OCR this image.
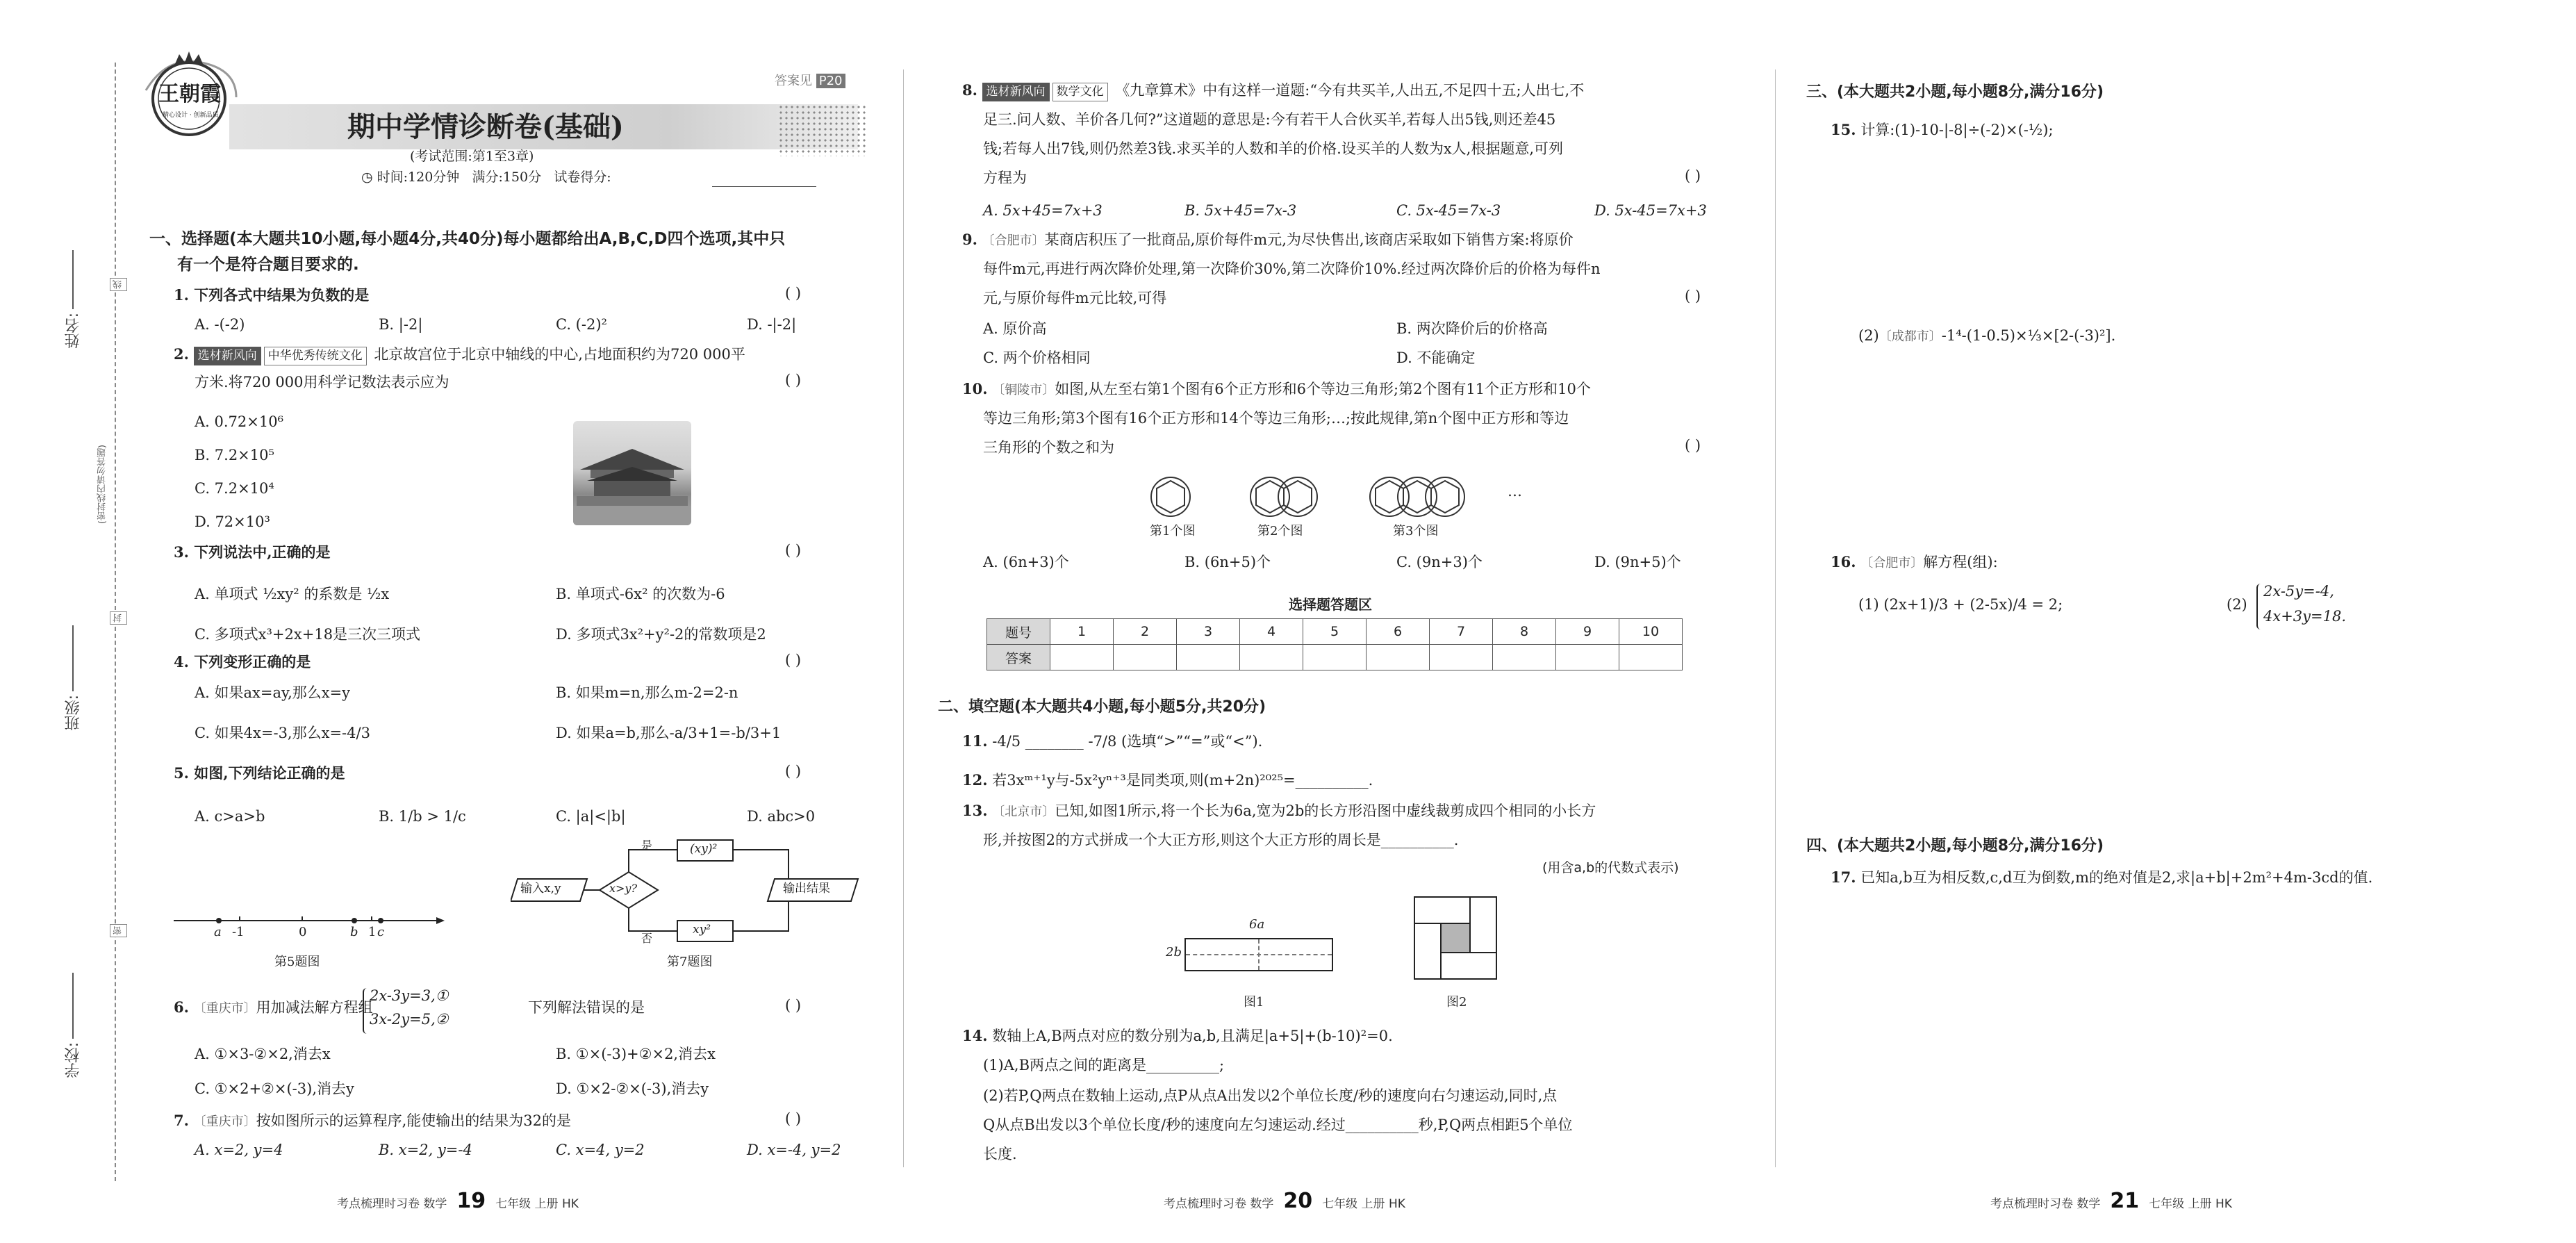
姓名:
班级:
学校:
(密封线内请勿答题)
线
封
密
王朝霞
精心设计 · 创新品质
答案见 P20
期中学情诊断卷(基础)
(考试范围:第1至3章)
◷ 时间:120分钟 满分:150分 试卷得分:
一、选择题(本大题共10小题,每小题4分,共40分)每小题都给出A,B,C,D四个选项,其中只
有一个是符合题目要求的.
1. 下列各式中结果为负数的是	( )
A. -(-2)	B. |-2|	C. (-2)²	D. -|-2|
2. 选材新风向 中华优秀传统文化 北京故宫位于北京中轴线的中心,占地面积约为720 000平
方米.将720 000用科学记数法表示应为	( )
A. 0.72×10⁶
B. 7.2×10⁵
C. 7.2×10⁴
D. 72×10³
3. 下列说法中,正确的是	( )
A. 单项式 ½xy² 的系数是 ½x	B. 单项式-6x² 的次数为-6
C. 多项式x³+2x+18是三次三项式	D. 多项式3x²+y²-2的常数项是2
4. 下列变形正确的是	( )
A. 如果ax=ay,那么x=y	B. 如果m=n,那么m-2=2-n
C. 如果4x=-3,那么x=-4/3	D. 如果a=b,那么-a/3+1=-b/3+1
5. 如图,下列结论正确的是	( )
A. c>a>b	B. 1/b > 1/c	C. |a|<|b|	D. abc>0
a -1	0	b 1 c
第5题图
输入x,y	x>y?
是
否
(xy)²
xy²
输出结果
第7题图
6. 〔重庆市〕用加减法解方程组
2x-3y=3,①
3x-2y=5,②
下列解法错误的是	( )
A. ①×3-②×2,消去x	B. ①×(-3)+②×2,消去x
C. ①×2+②×(-3),消去y	D. ①×2-②×(-3),消去y
7. 〔重庆市〕按如图所示的运算程序,能使输出的结果为32的是	( )
A. x=2, y=4	B. x=2, y=-4	C. x=4, y=2	D. x=-4, y=2
8. 选材新风向 数学文化 《九章算术》中有这样一道题:“今有共买羊,人出五,不足四十五;人出七,不
足三.问人数、羊价各几何?”这道题的意思是:今有若干人合伙买羊,若每人出5钱,则还差45
钱;若每人出7钱,则仍然差3钱.求买羊的人数和羊的价格.设买羊的人数为x人,根据题意,可列
方程为	( )
A. 5x+45=7x+3	B. 5x+45=7x-3	C. 5x-45=7x-3	D. 5x-45=7x+3
9. 〔合肥市〕某商店积压了一批商品,原价每件m元,为尽快售出,该商店采取如下销售方案:将原价
每件m元,再进行两次降价处理,第一次降价30%,第二次降价10%.经过两次降价后的价格为每件n
元,与原价每件m元比较,可得	( )
A. 原价高	B. 两次降价后的价格高
C. 两个价格相同	D. 不能确定
10. 〔铜陵市〕如图,从左至右第1个图有6个正方形和6个等边三角形;第2个图有11个正方形和10个
等边三角形;第3个图有16个正方形和14个等边三角形;…;按此规律,第n个图中正方形和等边
三角形的个数之和为	( )
…
第1个图	第2个图	第3个图
A. (6n+3)个	B. (6n+5)个	C. (9n+3)个	D. (9n+5)个
选择题答题区
题号	1	2	3	4	5	6	7	8	9	10
答案										
二、填空题(本大题共4小题,每小题5分,共20分)
11. -4/5 ________ -7/8 (选填“>”“=”或“<”).
12. 若3xᵐ⁺¹y与-5x²yⁿ⁺³是同类项,则(m+2n)²⁰²⁵=__________.
13. 〔北京市〕已知,如图1所示,将一个长为6a,宽为2b的长方形沿图中虚线裁剪成四个相同的小长方
形,并按图2的方式拼成一个大正方形,则这个大正方形的周长是__________.
(用含a,b的代数式表示)
6a
2b
图1	图2
14. 数轴上A,B两点对应的数分别为a,b,且满足|a+5|+(b-10)²=0.
(1)A,B两点之间的距离是__________;
(2)若P,Q两点在数轴上运动,点P从点A出发以2个单位长度/秒的速度向右匀速运动,同时,点
Q从点B出发以3个单位长度/秒的速度向左匀速运动.经过__________秒,P,Q两点相距5个单位
长度.
三、(本大题共2小题,每小题8分,满分16分)
15. 计算:(1)-10-|-8|÷(-2)×(-½);
(2)〔成都市〕-1⁴-(1-0.5)×⅓×[2-(-3)²].
16. 〔合肥市〕解方程(组):
(1) (2x+1)/3 + (2-5x)/4 = 2;	(2)
2x-5y=-4,
4x+3y=18.
四、(本大题共2小题,每小题8分,满分16分)
17. 已知a,b互为相反数,c,d互为倒数,m的绝对值是2,求|a+b|+2m²+4m-3cd的值.
考点梳理时习卷 数学 19 七年级 上册 HK	考点梳理时习卷 数学 20 七年级 上册 HK	考点梳理时习卷 数学 21 七年级 上册 HK
